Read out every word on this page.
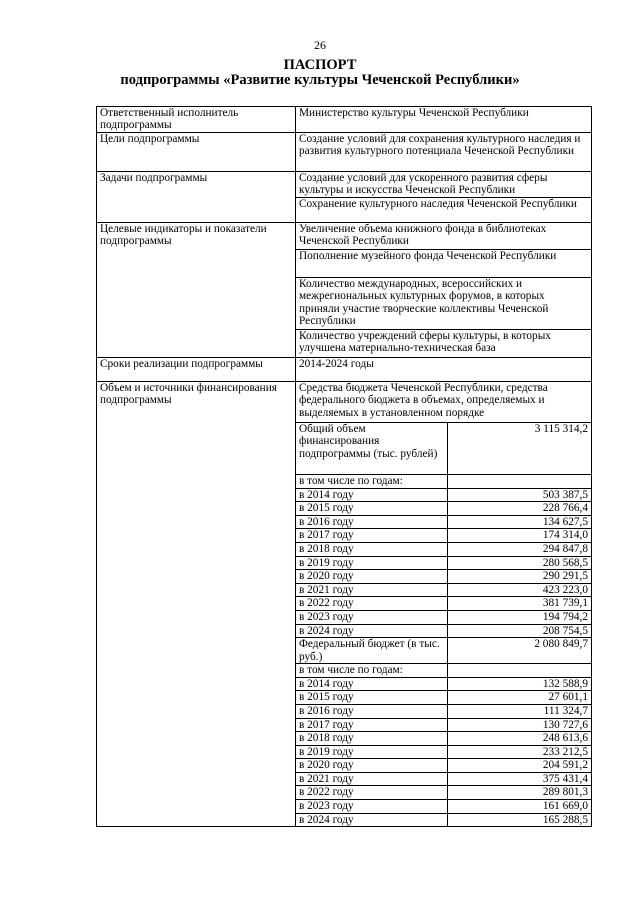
26
ПАСПОРТ
подпрограммы «Развитие культуры Чеченской Республики»
Ответственный исполнитель подпрограммы	Министерство культуры Чеченской Республики	
Цели подпрограммы	Создание условий для сохранения культурного наследия и развития культурного потенциала Чеченской Республики	
Задачи подпрограммы	Создание условий для ускоренного развития сферы культуры и искусства Чеченской Республики	
	Сохранение культурного наследия Чеченской Республики	
Целевые индикаторы и показатели подпрограммы	Увеличение объема книжного фонда в библиотеках Чеченской Республики	
	Пополнение музейного фонда Чеченской Республики	
	Количество международных, всероссийских и межрегиональных культурных форумов, в которых приняли участие творческие коллективы Чеченской Республики	
	Количество учреждений сферы культуры, в которых улучшена материально-техническая база	
Сроки реализации подпрограммы	2014-2024 годы	
Объем и источники финансирования подпрограммы	Средства бюджета Чеченской Республики, средства федерального бюджета в объемах, определяемых и выделяемых в установленном порядке	
	Общий объем финансирования подпрограммы (тыс. рублей)	3 115 314,2
	в том числе по годам:	
	в 2014 году	503 387,5
	в 2015 году	228 766,4
	в 2016 году	134 627,5
	в 2017 году	174 314,0
	в 2018 году	294 847,8
	в 2019 году	280 568,5
	в 2020 году	290 291,5
	в 2021 году	423 223,0
	в 2022 году	381 739,1
	в 2023 году	194 794,2
	в 2024 году	208 754,5
	Федеральный бюджет (в тыс. руб.)	2 080 849,7
	в том числе по годам:	
	в 2014 году	132 588,9
	в 2015 году	27 601,1
	в 2016 году	111 324,7
	в 2017 году	130 727,6
	в 2018 году	248 613,6
	в 2019 году	233 212,5
	в 2020 году	204 591,2
	в 2021 году	375 431,4
	в 2022 году	289 801,3
	в 2023 году	161 669,0
	в 2024 году	165 288,5
